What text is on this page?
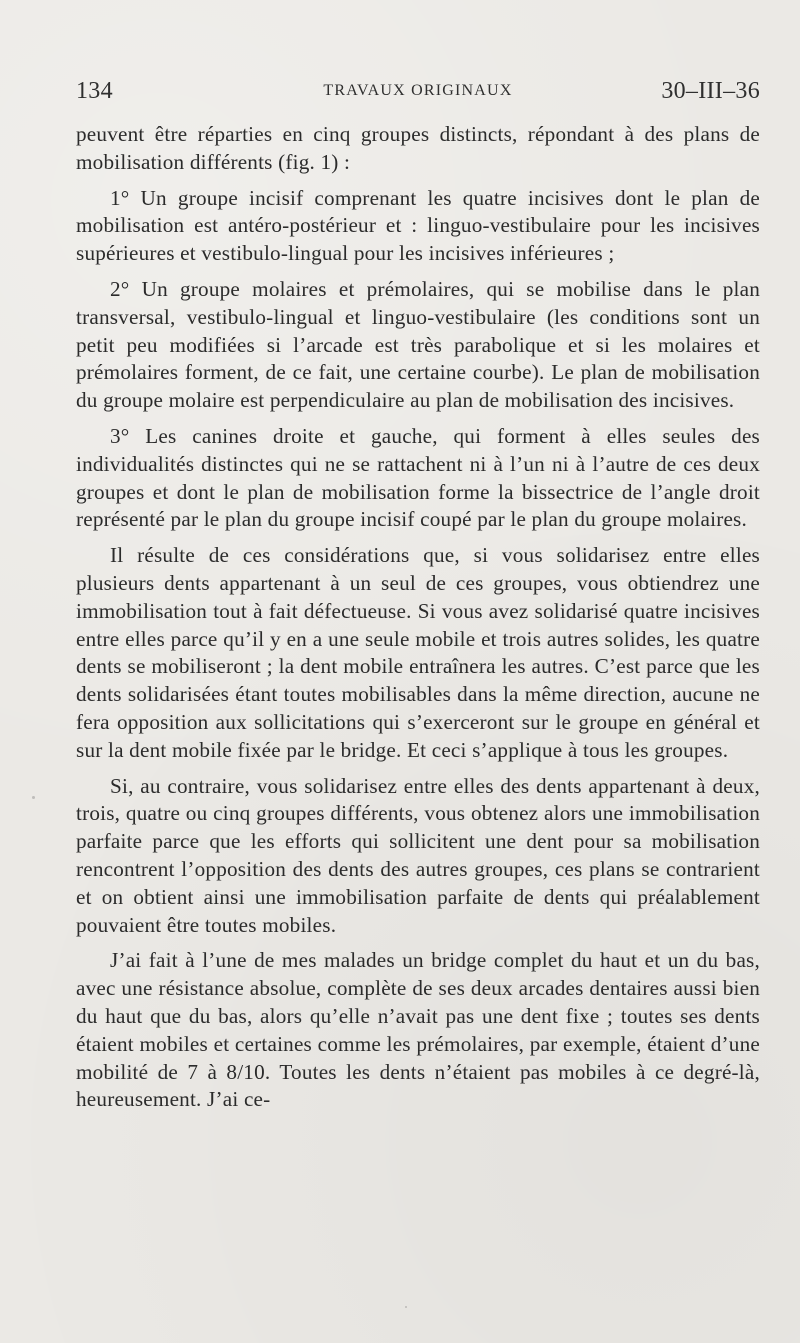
134	TRAVAUX ORIGINAUX	30–III–36

peuvent être réparties en cinq groupes distincts, répondant à des plans de mobilisation différents (fig. 1) :

1° Un groupe incisif comprenant les quatre incisives dont le plan de mobilisation est antéro-postérieur et : linguo-vestibulaire pour les incisives supérieures et vestibulo-lingual pour les incisives inférieures ;

2° Un groupe molaires et prémolaires, qui se mobilise dans le plan transversal, vestibulo-lingual et linguo-vestibulaire (les conditions sont un petit peu modifiées si l’arcade est très parabolique et si les molaires et prémolaires forment, de ce fait, une certaine courbe). Le plan de mobilisation du groupe molaire est perpendiculaire au plan de mobilisation des incisives.

3° Les canines droite et gauche, qui forment à elles seules des individualités distinctes qui ne se rattachent ni à l’un ni à l’autre de ces deux groupes et dont le plan de mobilisation forme la bissectrice de l’angle droit représenté par le plan du groupe incisif coupé par le plan du groupe molaires.

Il résulte de ces considérations que, si vous solidarisez entre elles plusieurs dents appartenant à un seul de ces groupes, vous obtiendrez une immobilisation tout à fait défectueuse. Si vous avez solidarisé quatre incisives entre elles parce qu’il y en a une seule mobile et trois autres solides, les quatre dents se mobiliseront ; la dent mobile entraînera les autres. C’est parce que les dents solidarisées étant toutes mobilisables dans la même direction, aucune ne fera opposition aux sollicitations qui s’exerceront sur le groupe en général et sur la dent mobile fixée par le bridge. Et ceci s’applique à tous les groupes.

Si, au contraire, vous solidarisez entre elles des dents appartenant à deux, trois, quatre ou cinq groupes différents, vous obtenez alors une immobilisation parfaite parce que les efforts qui sollicitent une dent pour sa mobilisation rencontrent l’opposition des dents des autres groupes, ces plans se contrarient et on obtient ainsi une immobilisation parfaite de dents qui préalablement pouvaient être toutes mobiles.

J’ai fait à l’une de mes malades un bridge complet du haut et un du bas, avec une résistance absolue, complète de ses deux arcades dentaires aussi bien du haut que du bas, alors qu’elle n’avait pas une dent fixe ; toutes ses dents étaient mobiles et certaines comme les prémolaires, par exemple, étaient d’une mobilité de 7 à 8/10. Toutes les dents n’étaient pas mobiles à ce degré-là, heureusement. J’ai ce-
